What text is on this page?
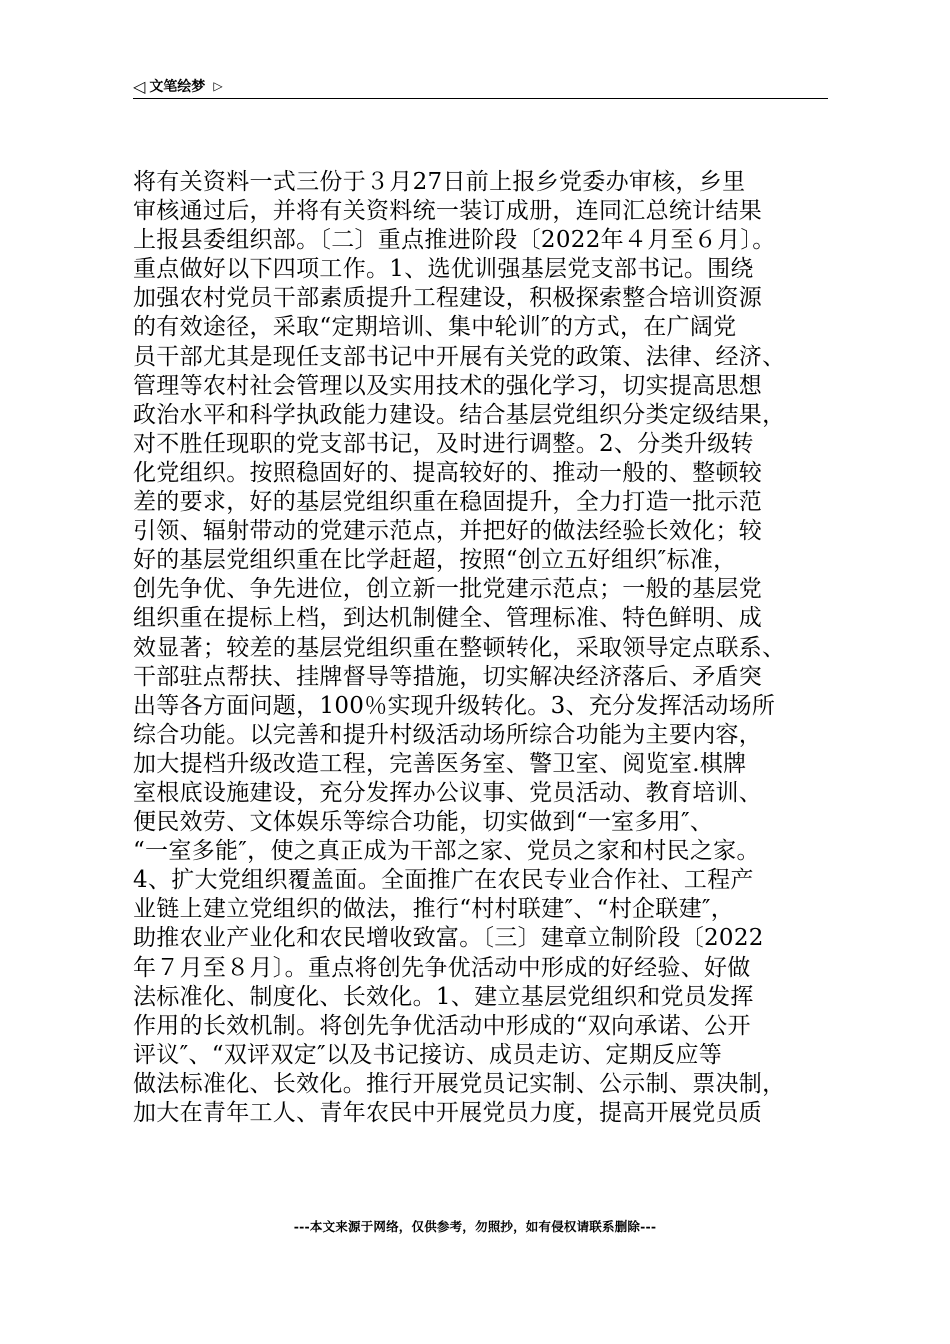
◁ 文笔绘梦 ▷
将有关资料一式三份于３月27日前上报乡党委办审核，乡里
审核通过后，并将有关资料统一装订成册，连同汇总统计结果
上报县委组织部。〔二〕重点推进阶段〔2022年４月至６月〕。
重点做好以下四项工作。1、选优训强基层党支部书记。围绕
加强农村党员干部素质提升工程建设，积极探索整合培训资源
的有效途径，采取“定期培训、集中轮训″的方式，在广阔党
员干部尤其是现任支部书记中开展有关党的政策、法律、经济、
管理等农村社会管理以及实用技术的强化学习，切实提高思想
政治水平和科学执政能力建设。结合基层党组织分类定级结果，
对不胜任现职的党支部书记，及时进行调整。2、分类升级转
化党组织。按照稳固好的、提高较好的、推动一般的、整顿较
差的要求，好的基层党组织重在稳固提升，全力打造一批示范
引领、辐射带动的党建示范点，并把好的做法经验长效化；较
好的基层党组织重在比学赶超，按照“创立五好组织″标准，
创先争优、争先进位，创立新一批党建示范点；一般的基层党
组织重在提标上档，到达机制健全、管理标准、特色鲜明、成
效显著；较差的基层党组织重在整顿转化，采取领导定点联系、
干部驻点帮扶、挂牌督导等措施，切实解决经济落后、矛盾突
出等各方面问题，100％实现升级转化。3、充分发挥活动场所
综合功能。以完善和提升村级活动场所综合功能为主要内容，
加大提档升级改造工程，完善医务室、警卫室、阅览室.棋牌
室根底设施建设，充分发挥办公议事、党员活动、教育培训、
便民效劳、文体娱乐等综合功能，切实做到“一室多用″、
“一室多能″，使之真正成为干部之家、党员之家和村民之家。
4、扩大党组织覆盖面。全面推广在农民专业合作社、工程产
业链上建立党组织的做法，推行“村村联建″、“村企联建″，
助推农业产业化和农民增收致富。〔三〕建章立制阶段〔2022
年７月至８月〕。重点将创先争优活动中形成的好经验、好做
法标准化、制度化、长效化。1、建立基层党组织和党员发挥
作用的长效机制。将创先争优活动中形成的“双向承诺、公开
评议″、“双评双定″以及书记接访、成员走访、定期反应等
做法标准化、长效化。推行开展党员记实制、公示制、票决制，
加大在青年工人、青年农民中开展党员力度，提高开展党员质
---本文来源于网络，仅供参考，勿照抄，如有侵权请联系删除---
